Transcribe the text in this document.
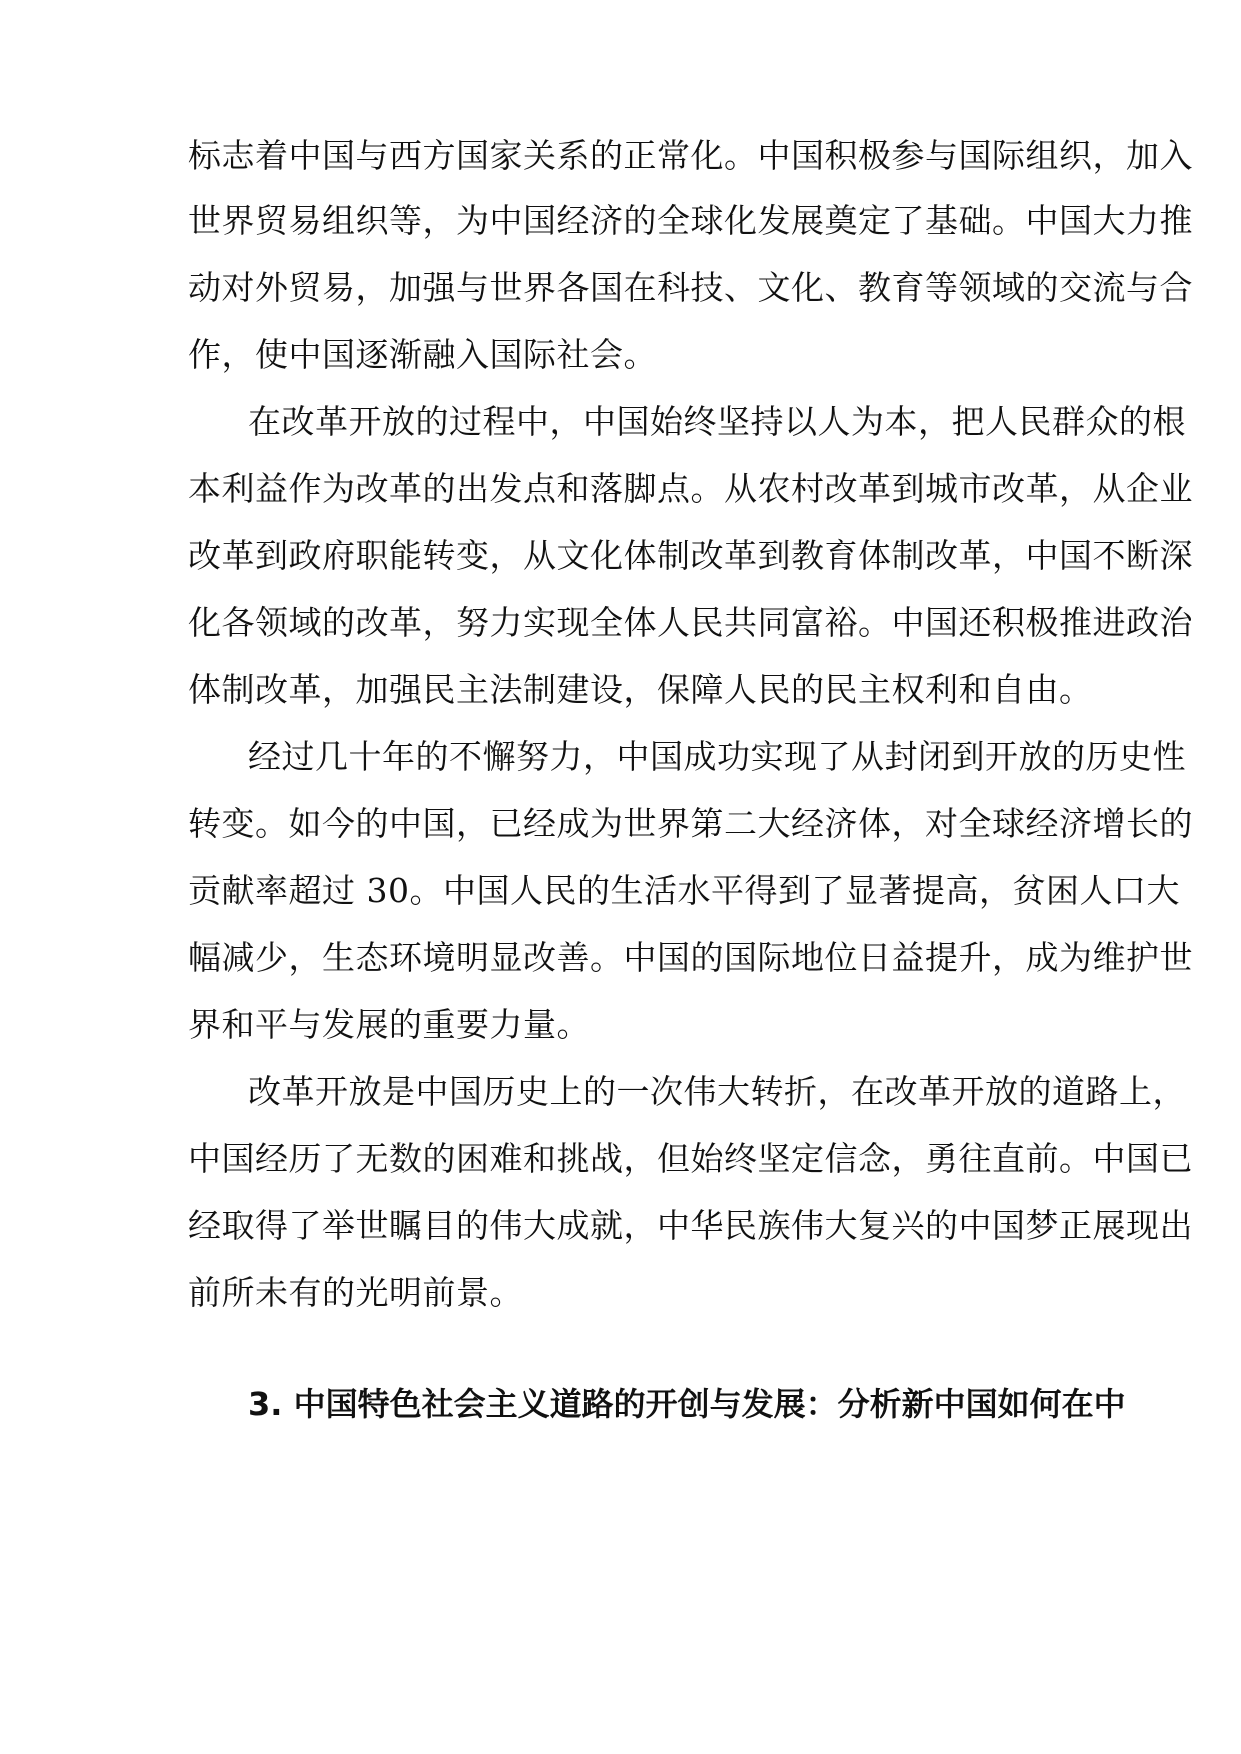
标志着中国与西方国家关系的正常化。中国积极参与国际组织，加入
世界贸易组织等，为中国经济的全球化发展奠定了基础。中国大力推
动对外贸易，加强与世界各国在科技、文化、教育等领域的交流与合
作，使中国逐渐融入国际社会。
在改革开放的过程中，中国始终坚持以人为本，把人民群众的根
本利益作为改革的出发点和落脚点。从农村改革到城市改革，从企业
改革到政府职能转变，从文化体制改革到教育体制改革，中国不断深
化各领域的改革，努力实现全体人民共同富裕。中国还积极推进政治
体制改革，加强民主法制建设，保障人民的民主权利和自由。
经过几十年的不懈努力，中国成功实现了从封闭到开放的历史性
转变。如今的中国，已经成为世界第二大经济体，对全球经济增长的
贡献率超过 30。中国人民的生活水平得到了显著提高，贫困人口大
幅减少，生态环境明显改善。中国的国际地位日益提升，成为维护世
界和平与发展的重要力量。
改革开放是中国历史上的一次伟大转折，在改革开放的道路上，
中国经历了无数的困难和挑战，但始终坚定信念，勇往直前。中国已
经取得了举世瞩目的伟大成就，中华民族伟大复兴的中国梦正展现出
前所未有的光明前景。
3. 中国特色社会主义道路的开创与发展：分析新中国如何在中
